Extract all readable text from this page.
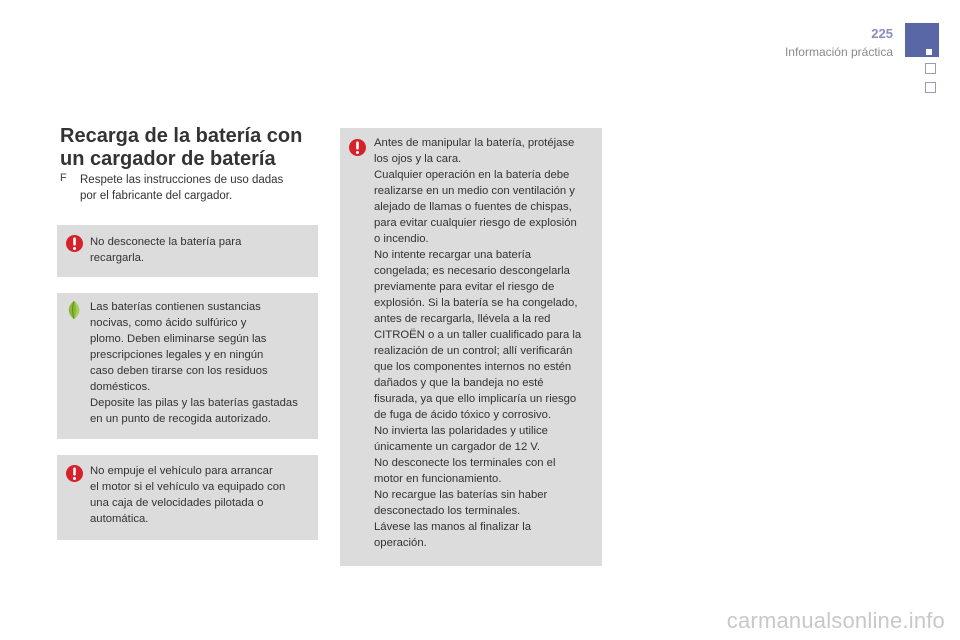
225
Información práctica
Recarga de la batería con
un cargador de batería
F Respete las instrucciones de uso dadas
por el fabricante del cargador.
No desconecte la batería para
recargarla.
Las baterías contienen sustancias
nocivas, como ácido sulfúrico y
plomo. Deben eliminarse según las
prescripciones legales y en ningún
caso deben tirarse con los residuos
domésticos.
Deposite las pilas y las baterías gastadas
en un punto de recogida autorizado.
No empuje el vehículo para arrancar
el motor si el vehículo va equipado con
una caja de velocidades pilotada o
automática.
Antes de manipular la batería, protéjase
los ojos y la cara.
Cualquier operación en la batería debe
realizarse en un medio con ventilación y
alejado de llamas o fuentes de chispas,
para evitar cualquier riesgo de explosión
o incendio.
No intente recargar una batería
congelada; es necesario descongelarla
previamente para evitar el riesgo de
explosión. Si la batería se ha congelado,
antes de recargarla, llévela a la red
CITROËN o a un taller cualificado para la
realización de un control; allí verificarán
que los componentes internos no estén
dañados y que la bandeja no esté
fisurada, ya que ello implicaría un riesgo
de fuga de ácido tóxico y corrosivo.
No invierta las polaridades y utilice
únicamente un cargador de 12 V.
No desconecte los terminales con el
motor en funcionamiento.
No recargue las baterías sin haber
desconectado los terminales.
Lávese las manos al finalizar la
operación.
carmanualsonline.info
